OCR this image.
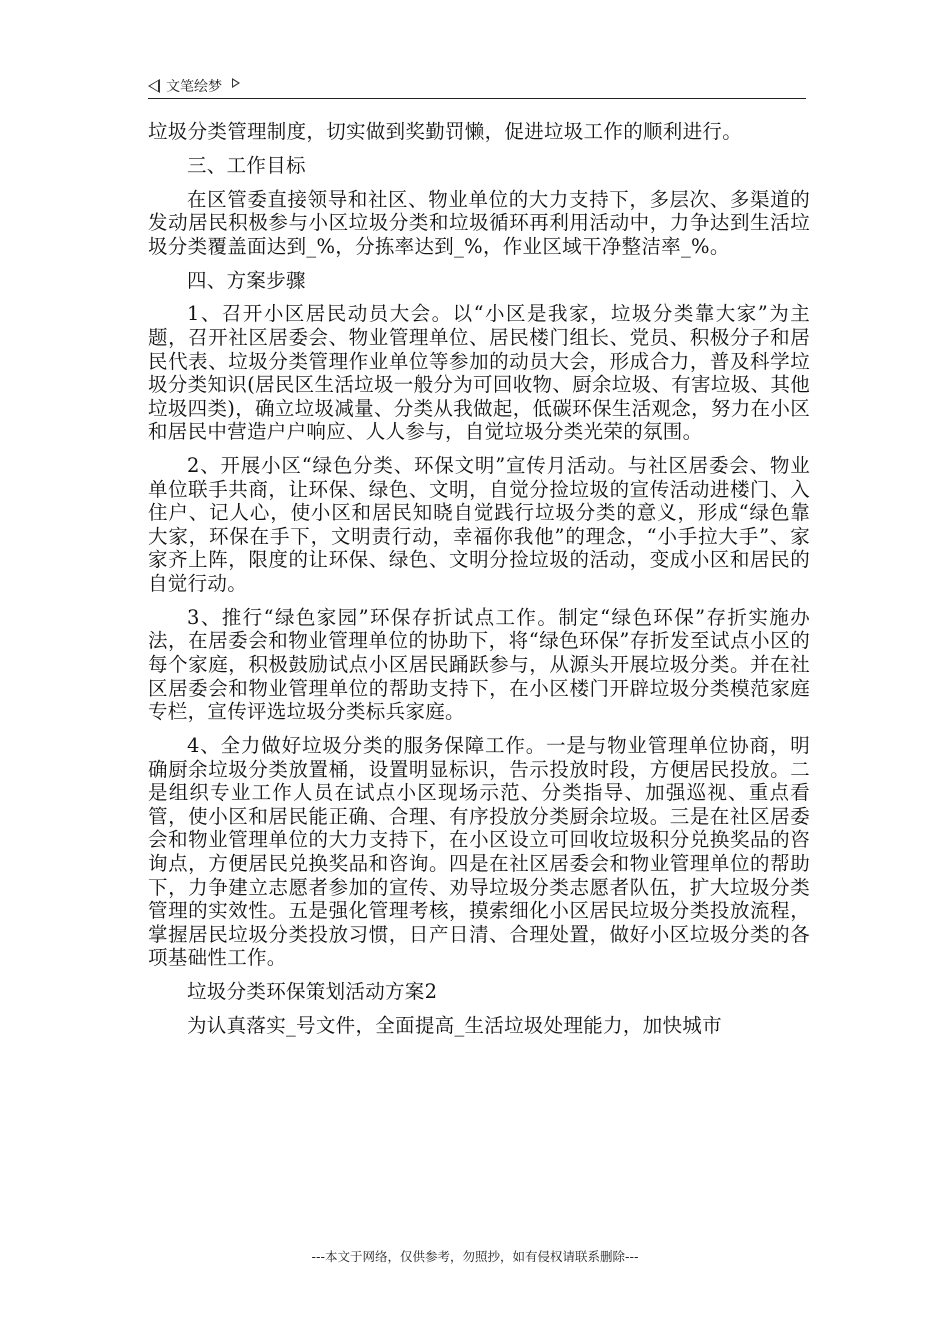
文笔绘梦

垃圾分类管理制度，切实做到奖勤罚懒，促进垃圾工作的顺利进行。

三、工作目标

在区管委直接领导和社区、物业单位的大力支持下，多层次、多渠道的发动居民积极参与小区垃圾分类和垃圾循环再利用活动中，力争达到生活垃圾分类覆盖面达到_%，分拣率达到_%，作业区域干净整洁率_%。

四、方案步骤

1、召开小区居民动员大会。以“小区是我家，垃圾分类靠大家”为主题，召开社区居委会、物业管理单位、居民楼门组长、党员、积极分子和居民代表、垃圾分类管理作业单位等参加的动员大会，形成合力，普及科学垃圾分类知识(居民区生活垃圾一般分为可回收物、厨余垃圾、有害垃圾、其他垃圾四类)，确立垃圾减量、分类从我做起，低碳环保生活观念，努力在小区和居民中营造户户响应、人人参与，自觉垃圾分类光荣的氛围。

2、开展小区“绿色分类、环保文明”宣传月活动。与社区居委会、物业单位联手共商，让环保、绿色、文明，自觉分捡垃圾的宣传活动进楼门、入住户、记人心，使小区和居民知晓自觉践行垃圾分类的意义，形成“绿色靠大家，环保在手下，文明责行动，幸福你我他”的理念，“小手拉大手”、家家齐上阵，限度的让环保、绿色、文明分捡垃圾的活动，变成小区和居民的自觉行动。

3、推行“绿色家园”环保存折试点工作。制定“绿色环保”存折实施办法，在居委会和物业管理单位的协助下，将“绿色环保”存折发至试点小区的每个家庭，积极鼓励试点小区居民踊跃参与，从源头开展垃圾分类。并在社区居委会和物业管理单位的帮助支持下，在小区楼门开辟垃圾分类模范家庭专栏，宣传评选垃圾分类标兵家庭。

4、全力做好垃圾分类的服务保障工作。一是与物业管理单位协商，明确厨余垃圾分类放置桶，设置明显标识，告示投放时段，方便居民投放。二是组织专业工作人员在试点小区现场示范、分类指导、加强巡视、重点看管，使小区和居民能正确、合理、有序投放分类厨余垃圾。三是在社区居委会和物业管理单位的大力支持下，在小区设立可回收垃圾积分兑换奖品的咨询点，方便居民兑换奖品和咨询。四是在社区居委会和物业管理单位的帮助下，力争建立志愿者参加的宣传、劝导垃圾分类志愿者队伍，扩大垃圾分类管理的实效性。五是强化管理考核，摸索细化小区居民垃圾分类投放流程，掌握居民垃圾分类投放习惯，日产日清、合理处置，做好小区垃圾分类的各项基础性工作。

垃圾分类环保策划活动方案2

为认真落实_号文件，全面提高_生活垃圾处理能力，加快城市

---本文于网络，仅供参考，勿照抄，如有侵权请联系删除---
